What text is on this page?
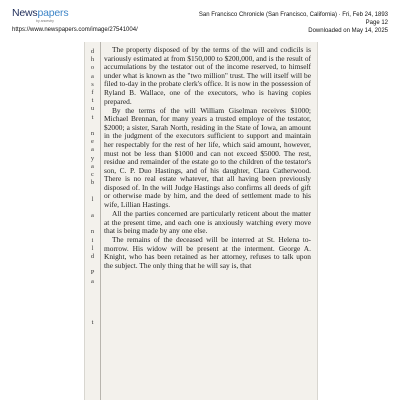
Newspapers
by ancestry
https://www.newspapers.com/image/27541004/
San Francisco Chronicle (San Francisco, California) · Fri, Feb 24, 1893
Page 12
Downloaded on May 14, 2025
d
h
o
a
s
f
t
u
t

n
e
a
y
a
c
b

l

a

n
i
l
d

P
a

t

The property disposed of by the terms of the will and codicils is variously estimated at from $150,000 to $200,000, and is the result of accumulations by the testator out of the income reserved, to himself under what is known as the "two million" trust. The will itself will be filed to-day in the probate clerk's office. It is now in the possession of Ryland B. Wallace, one of the executors, who is having copies prepared.

By the terms of the will William Giselman receives $1000; Michael Brennan, for many years a trusted employe of the testator, $2000; a sister, Sarah North, residing in the State of Iowa, an amount in the judgment of the executors sufficient to support and maintain her respectably for the rest of her life, which said amount, however, must not be less than $1000 and can not exceed $5000. The rest, residue and remainder of the estate go to the children of the testator's son, C. P. Duo Hastings, and of his daughter, Clara Catherwood. There is no real estate whatever, that all having been previously disposed of. In the will Judge Hastings also confirms all deeds of gift or otherwise made by him, and the deed of settlement made to his wife, Lillian Hastings.

All the parties concerned are particularly reticent about the matter at the present time, and each one is anxiously watching every move that is being made by any one else.

The remains of the deceased will be interred at St. Helena to-morrow. His widow will be present at the interment. George A. Knight, who has been retained as her attorney, refuses to talk upon the subject. The only thing that he will say is, that
